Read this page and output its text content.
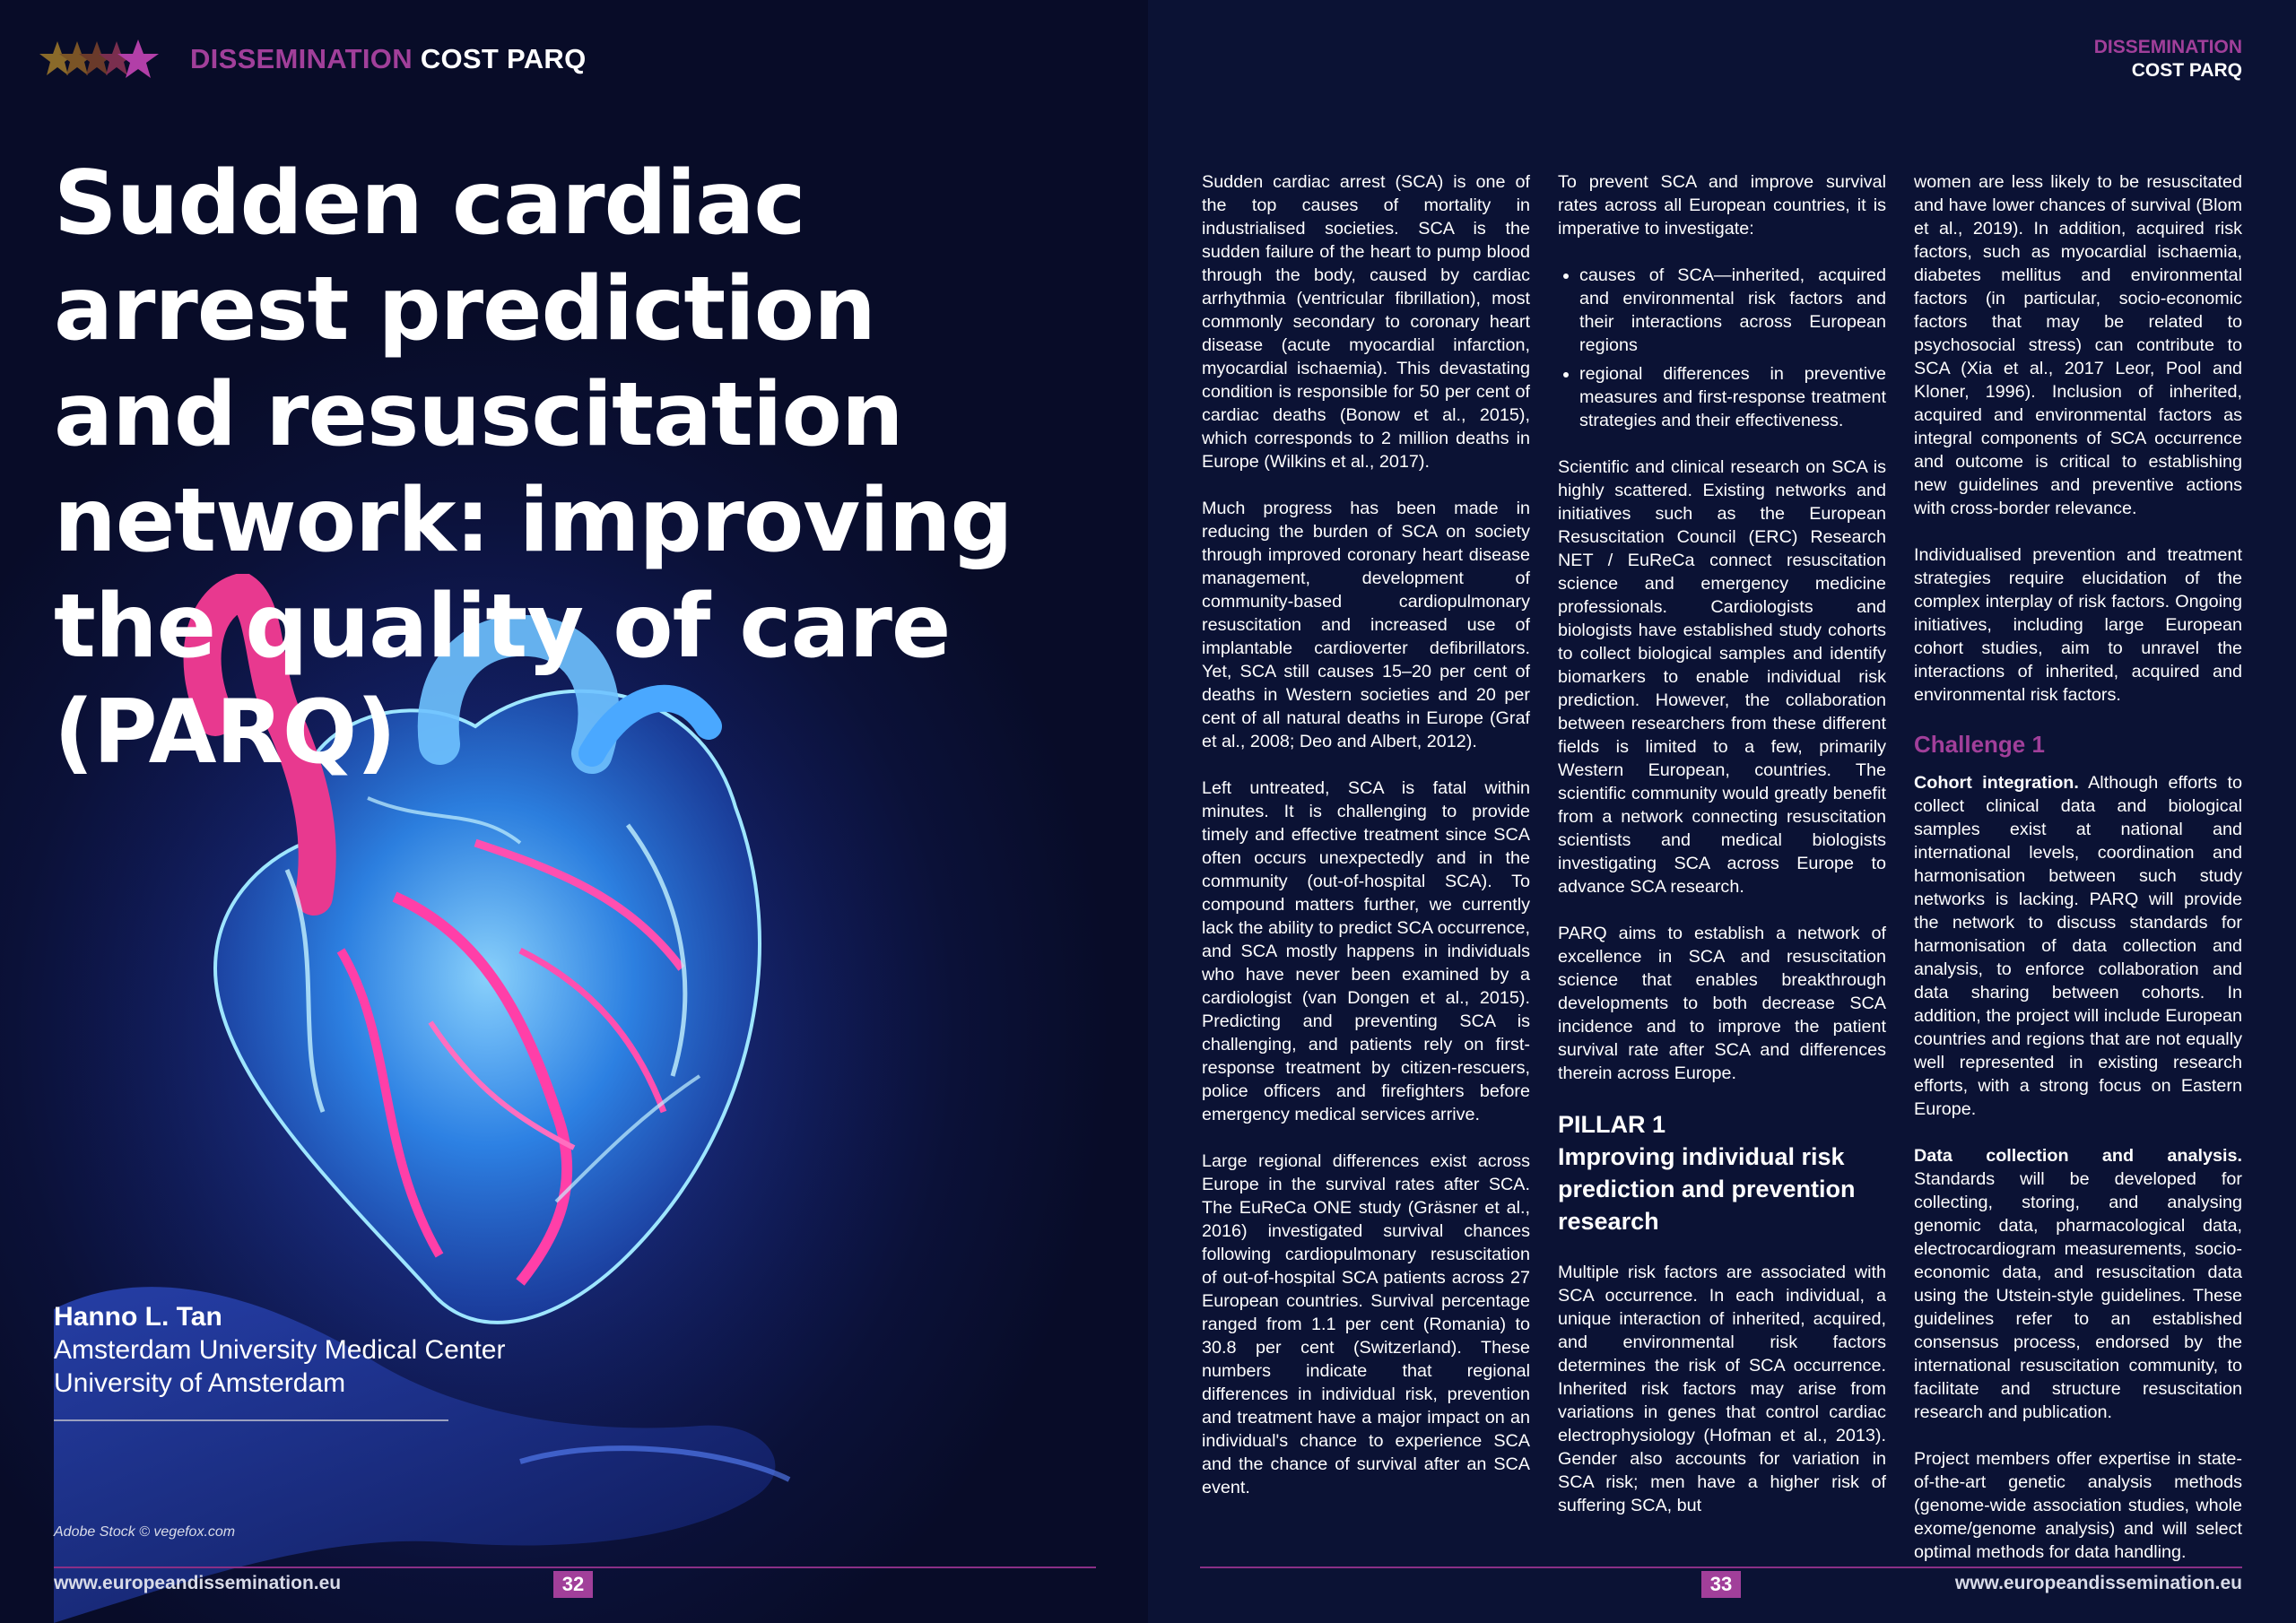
DISSEMINATION COST PARQ	DISSEMINATION
COST PARQ
Sudden cardiac arrest prediction and resuscitation network: improving the quality of care (PARQ)
Hanno L. Tan
Amsterdam University Medical Center
University of Amsterdam
Adobe Stock © vegefox.com
www.europeandissemination.eu	32	33	www.europeandissemination.eu

Sudden cardiac arrest (SCA) is one of the top causes of mortality in industrialised societies. SCA is the sudden failure of the heart to pump blood through the body, caused by cardiac arrhythmia (ventricular fibrillation), most commonly secondary to coronary heart disease (acute myocardial infarction, myocardial ischaemia). This devastating condition is responsible for 50 per cent of cardiac deaths (Bonow et al., 2015), which corresponds to 2 million deaths in Europe (Wilkins et al., 2017).

Much progress has been made in reducing the burden of SCA on society through improved coronary heart disease management, development of community-based cardiopulmonary resuscitation and increased use of implantable cardioverter defibrillators. Yet, SCA still causes 15–20 per cent of deaths in Western societies and 20 per cent of all natural deaths in Europe (Graf et al., 2008; Deo and Albert, 2012).

Left untreated, SCA is fatal within minutes. It is challenging to provide timely and effective treatment since SCA often occurs unexpectedly and in the community (out-of-hospital SCA). To compound matters further, we currently lack the ability to predict SCA occurrence, and SCA mostly happens in individuals who have never been examined by a cardiologist (van Dongen et al., 2015). Predicting and preventing SCA is challenging, and patients rely on first-response treatment by citizen-rescuers, police officers and firefighters before emergency medical services arrive.

Large regional differences exist across Europe in the survival rates after SCA. The EuReCa ONE study (Gräsner et al., 2016) investigated survival chances following cardiopulmonary resuscitation of out-of-hospital SCA patients across 27 European countries. Survival percentage ranged from 1.1 per cent (Romania) to 30.8 per cent (Switzerland). These numbers indicate that regional differences in individual risk, prevention and treatment have a major impact on an individual's chance to experience SCA and the chance of survival after an SCA event.

To prevent SCA and improve survival rates across all European countries, it is imperative to investigate:

• causes of SCA—inherited, acquired and environmental risk factors and their interactions across European regions
• regional differences in preventive measures and first-response treatment strategies and their effectiveness.

Scientific and clinical research on SCA is highly scattered. Existing networks and initiatives such as the European Resuscitation Council (ERC) Research NET / EuReCa connect resuscitation science and emergency medicine professionals. Cardiologists and biologists have established study cohorts to collect biological samples and identify biomarkers to enable individual risk prediction. However, the collaboration between researchers from these different fields is limited to a few, primarily Western European, countries. The scientific community would greatly benefit from a network connecting resuscitation scientists and medical biologists investigating SCA across Europe to advance SCA research.

PARQ aims to establish a network of excellence in SCA and resuscitation science that enables breakthrough developments to both decrease SCA incidence and to improve the patient survival rate after SCA and differences therein across Europe.

PILLAR 1
Improving individual risk prediction and prevention research

Multiple risk factors are associated with SCA occurrence. In each individual, a unique interaction of inherited, acquired, and environmental risk factors determines the risk of SCA occurrence. Inherited risk factors may arise from variations in genes that control cardiac electrophysiology (Hofman et al., 2013). Gender also accounts for variation in SCA risk; men have a higher risk of suffering SCA, but

women are less likely to be resuscitated and have lower chances of survival (Blom et al., 2019). In addition, acquired risk factors, such as myocardial ischaemia, diabetes mellitus and environmental factors (in particular, socio-economic factors that may be related to psychosocial stress) can contribute to SCA (Xia et al., 2017 Leor, Pool and Kloner, 1996). Inclusion of inherited, acquired and environmental factors as integral components of SCA occurrence and outcome is critical to establishing new guidelines and preventive actions with cross-border relevance.

Individualised prevention and treatment strategies require elucidation of the complex interplay of risk factors. Ongoing initiatives, including large European cohort studies, aim to unravel the interactions of inherited, acquired and environmental risk factors.

Challenge 1

Cohort integration. Although efforts to collect clinical data and biological samples exist at national and international levels, coordination and harmonisation between such study networks is lacking. PARQ will provide the network to discuss standards for harmonisation of data collection and analysis, to enforce collaboration and data sharing between cohorts. In addition, the project will include European countries and regions that are not equally well represented in existing research efforts, with a strong focus on Eastern Europe.

Data collection and analysis. Standards will be developed for collecting, storing, and analysing genomic data, pharmacological data, electrocardiogram measurements, socio-economic data, and resuscitation data using the Utstein-style guidelines. These guidelines refer to an established consensus process, endorsed by the international resuscitation community, to facilitate and structure resuscitation research and publication.

Project members offer expertise in state-of-the-art genetic analysis methods (genome-wide association studies, whole exome/genome analysis) and will select optimal methods for data handling.
